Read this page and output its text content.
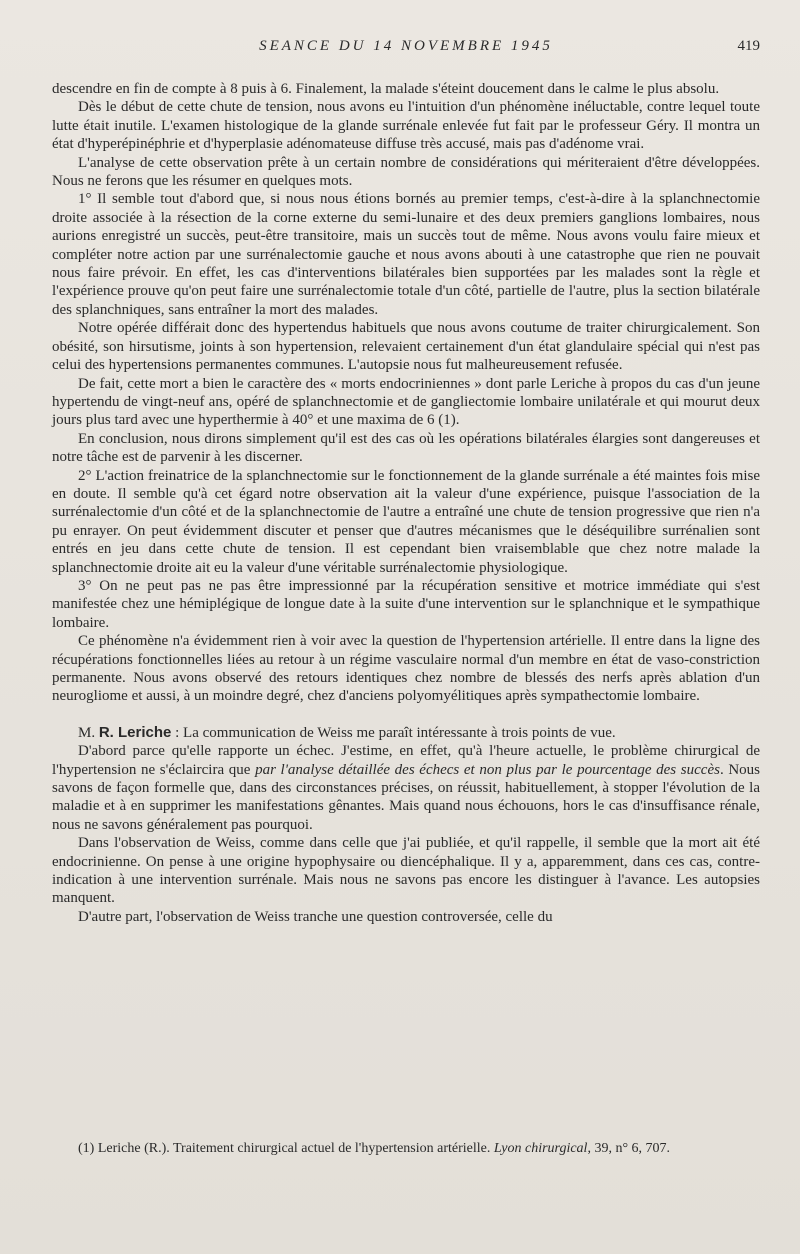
SEANCE DU 14 NOVEMBRE 1945	419

descendre en fin de compte à 8 puis à 6. Finalement, la malade s'éteint doucement dans le calme le plus absolu.

Dès le début de cette chute de tension, nous avons eu l'intuition d'un phénomène inéluctable, contre lequel toute lutte était inutile. L'examen histologique de la glande surrénale enlevée fut fait par le professeur Géry. Il montra un état d'hyperépinéphrie et d'hyperplasie adénomateuse diffuse très accusé, mais pas d'adénome vrai.

L'analyse de cette observation prête à un certain nombre de considérations qui mériteraient d'être développées. Nous ne ferons que les résumer en quelques mots.

1° Il semble tout d'abord que, si nous nous étions bornés au premier temps, c'est-à-dire à la splanchnectomie droite associée à la résection de la corne externe du semi-lunaire et des deux premiers ganglions lombaires, nous aurions enregistré un succès, peut-être transitoire, mais un succès tout de même. Nous avons voulu faire mieux et compléter notre action par une surrénalectomie gauche et nous avons abouti à une catastrophe que rien ne pouvait nous faire prévoir. En effet, les cas d'interventions bilatérales bien supportées par les malades sont la règle et l'expérience prouve qu'on peut faire une surrénalectomie totale d'un côté, partielle de l'autre, plus la section bilatérale des splanchniques, sans entraîner la mort des malades.

Notre opérée différait donc des hypertendus habituels que nous avons coutume de traiter chirurgicalement. Son obésité, son hirsutisme, joints à son hypertension, relevaient certainement d'un état glandulaire spécial qui n'est pas celui des hypertensions permanentes communes. L'autopsie nous fut malheureusement refusée.

De fait, cette mort a bien le caractère des « morts endocriniennes » dont parle Leriche à propos du cas d'un jeune hypertendu de vingt-neuf ans, opéré de splanchnectomie et de gangliectomie lombaire unilatérale et qui mourut deux jours plus tard avec une hyperthermie à 40° et une maxima de 6 (1).

En conclusion, nous dirons simplement qu'il est des cas où les opérations bilatérales élargies sont dangereuses et notre tâche est de parvenir à les discerner.

2° L'action freinatrice de la splanchnectomie sur le fonctionnement de la glande surrénale a été maintes fois mise en doute. Il semble qu'à cet égard notre observation ait la valeur d'une expérience, puisque l'association de la surrénalectomie d'un côté et de la splanchnectomie de l'autre a entraîné une chute de tension progressive que rien n'a pu enrayer. On peut évidemment discuter et penser que d'autres mécanismes que le déséquilibre surrénalien sont entrés en jeu dans cette chute de tension. Il est cependant bien vraisemblable que chez notre malade la splanchnectomie droite ait eu la valeur d'une véritable surrénalectomie physiologique.

3° On ne peut pas ne pas être impressionné par la récupération sensitive et motrice immédiate qui s'est manifestée chez une hémiplégique de longue date à la suite d'une intervention sur le splanchnique et le sympathique lombaire.

Ce phénomène n'a évidemment rien à voir avec la question de l'hypertension artérielle. Il entre dans la ligne des récupérations fonctionnelles liées au retour à un régime vasculaire normal d'un membre en état de vaso-constriction permanente. Nous avons observé des retours identiques chez nombre de blessés des nerfs après ablation d'un neurogliome et aussi, à un moindre degré, chez d'anciens polyomyélitiques après sympathectomie lombaire.

M. R. Leriche : La communication de Weiss me paraît intéressante à trois points de vue.

D'abord parce qu'elle rapporte un échec. J'estime, en effet, qu'à l'heure actuelle, le problème chirurgical de l'hypertension ne s'éclaircira que par l'analyse détaillée des échecs et non plus par le pourcentage des succès. Nous savons de façon formelle que, dans des circonstances précises, on réussit, habituellement, à stopper l'évolution de la maladie et à en supprimer les manifestations gênantes. Mais quand nous échouons, hors le cas d'insuffisance rénale, nous ne savons généralement pas pourquoi.

Dans l'observation de Weiss, comme dans celle que j'ai publiée, et qu'il rappelle, il semble que la mort ait été endocrinienne. On pense à une origine hypophysaire ou diencéphalique. Il y a, apparemment, dans ces cas, contre-indication à une intervention surrénale. Mais nous ne savons pas encore les distinguer à l'avance. Les autopsies manquent.

D'autre part, l'observation de Weiss tranche une question controversée, celle du

(1) Leriche (R.). Traitement chirurgical actuel de l'hypertension artérielle. Lyon chirurgical, 39, n° 6, 707.
